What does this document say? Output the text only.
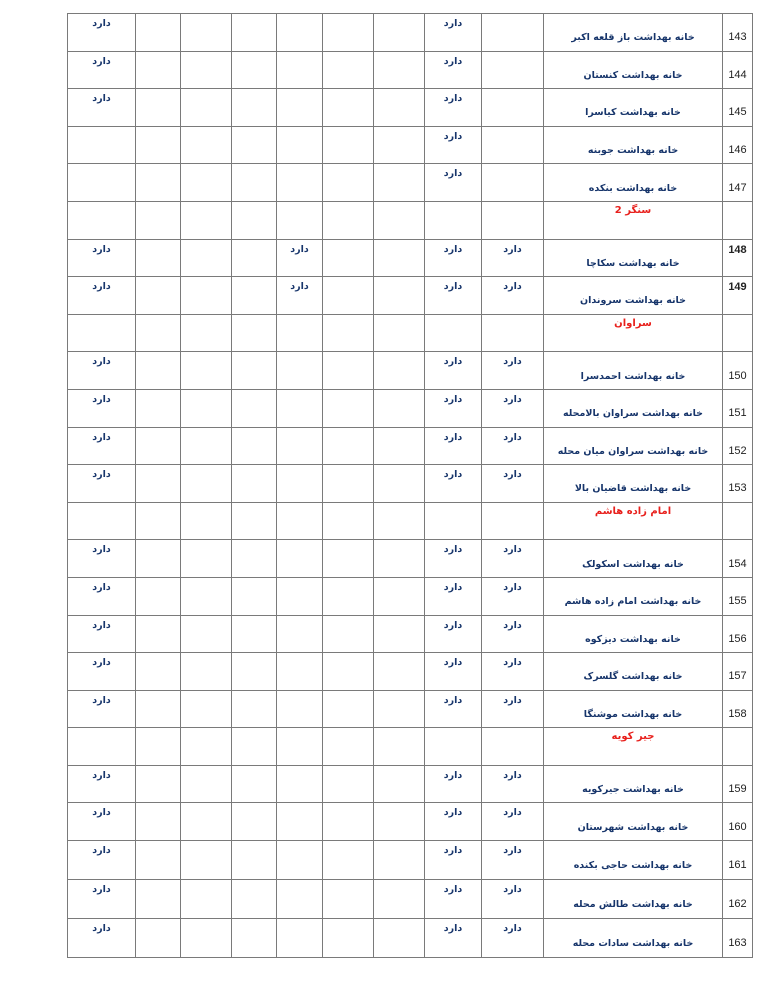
دارد							دارد		خانه بهداشت باز قلعه اکبر	143
دارد							دارد		خانه بهداشت کنستان	144
دارد							دارد		خانه بهداشت کیاسرا	145
							دارد		خانه بهداشت جوبنه	146
							دارد		خانه بهداشت بنکده	147
									سنگر 2	
دارد				دارد			دارد	دارد	خانه بهداشت سکاچا	148
دارد				دارد			دارد	دارد	خانه بهداشت سروندان	149
									سراوان	
دارد							دارد	دارد	خانه بهداشت احمدسرا	150
دارد							دارد	دارد	خانه بهداشت سراوان بالامحله	151
دارد							دارد	دارد	خانه بهداشت سراوان میان محله	152
دارد							دارد	دارد	خانه بهداشت قاضیان بالا	153
									امام زاده هاشم	
دارد							دارد	دارد	خانه بهداشت اسکولک	154
دارد							دارد	دارد	خانه بهداشت امام زاده هاشم	155
دارد							دارد	دارد	خانه بهداشت دیزکوه	156
دارد							دارد	دارد	خانه بهداشت گلسرک	157
دارد							دارد	دارد	خانه بهداشت موشنگا	158
									جیر کویه	
دارد							دارد	دارد	خانه بهداشت جیرکویه	159
دارد							دارد	دارد	خانه بهداشت شهرستان	160
دارد							دارد	دارد	خانه بهداشت حاجی بکنده	161
دارد							دارد	دارد	خانه بهداشت طالش محله	162
دارد							دارد	دارد	خانه بهداشت سادات محله	163
